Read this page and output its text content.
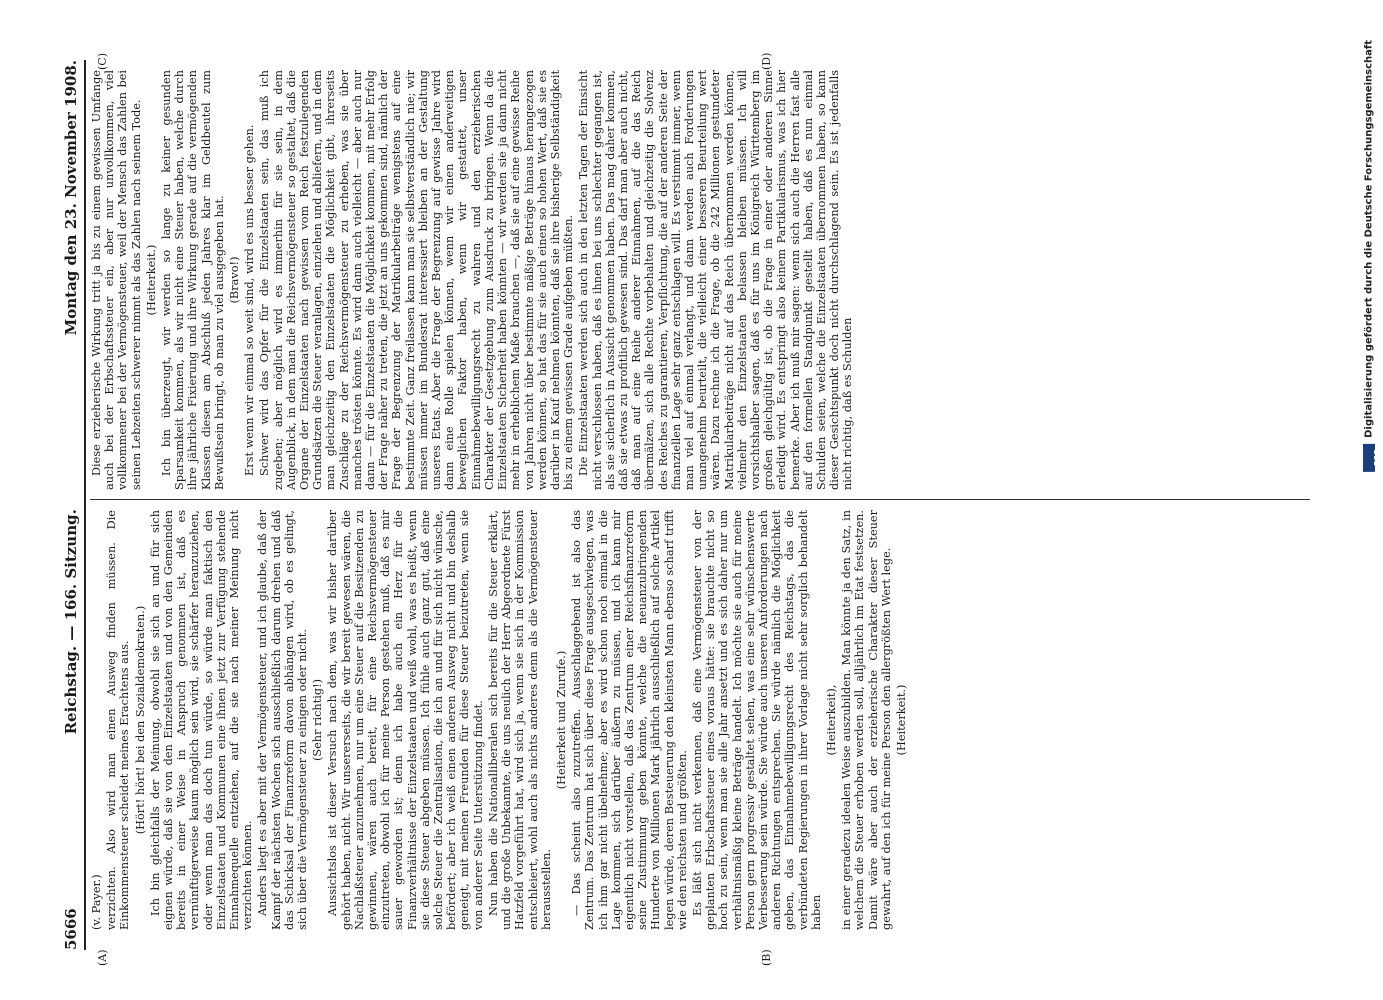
5666
Reichstag. — 166. Sitzung.
Montag den 23. November 1908.
(A)	(B)
(C)	(D)

(v. Payer.) verzichten. Also wird man einen Ausweg finden müssen. Die Einkommensteuer scheidet meines Erachtens aus. (Hört! hört! bei den Sozialdemokraten.) Ich bin gleichfalls der Meinung, obwohl sie sich an und für sich eignen würde, daß sie von den Einzelstaaten und von den Gemeinden bereits in einer Weise in Anspruch genommen ist, daß es vernünftigerweise kaum möglich sein wird, sie schärfer heranzuziehen, oder wenn man das doch tun würde, so würde man faktisch den Einzelstaaten und Kommunen eine ihnen jetzt zur Verfügung stehende Einnahmequelle entziehen, auf die sie nach meiner Meinung nicht verzichten können. Anders liegt es aber mit der Vermögensteuer, und ich glaube, daß der Kampf der nächsten Wochen sich ausschließlich darum drehen und daß das Schicksal der Finanzreform davon abhängen wird, ob es gelingt, sich über die Vermögensteuer zu einigen oder nicht. (Sehr richtig!) Aussichtslos ist dieser Versuch nach dem, was wir bisher darüber gehört haben, nicht. Wir unsererseits, die wir bereit gewesen wären, die Nachlaßsteuer anzunehmen, nur um eine Steuer auf die Besitzenden zu gewinnen, wären auch bereit, für eine Reichsvermögensteuer einzutreten, obwohl ich für meine Person gestehen muß, daß es mir sauer geworden ist; denn ich habe auch ein Herz für die Finanzverhältnisse der Einzelstaaten und weiß wohl, was es heißt, wenn sie diese Steuer abgeben müssen. Ich fühle auch ganz gut, daß eine solche Steuer die Zentralisation, die ich an und für sich nicht wünsche, befördert; aber ich weiß einen anderen Ausweg nicht und bin deshalb geneigt, mit meinen Freunden für diese Steuer beizutreten, wenn sie von anderer Seite Unterstützung findet. Nun haben die Nationalliberalen sich bereits für die Steuer erklärt, und die große Unbekannte, die uns neulich der Herr Abgeordnete Fürst Hatzfeld vorgeführt hat, wird sich ja, wenn sie sich in der Kommission entschleiert, wohl auch als nichts anderes denn als die Vermögensteuer herausstellen.

(Heiterkeit und Zurufe.) — Das scheint also zuzutreffen. Ausschlaggebend ist also das Zentrum. Das Zentrum hat sich über diese Frage ausgeschwiegen, was ich ihm gar nicht übelnehme; aber es wird schon noch einmal in die Lage kommen, sich darüber äußern zu müssen, und ich kann mir eigentlich nicht vorstellen, daß das Zentrum einer Reichsfinanzreform seine Zustimmung geben könnte, welche die neuanzubringenden Hunderte von Millionen Mark jährlich ausschließlich auf solche Artikel legen würde, deren Besteuerung den kleinsten Mann ebenso scharf trifft wie den reichsten und größten. Es läßt sich nicht verkennen, daß eine Vermögensteuer von der geplanten Erbschaftssteuer eines voraus hätte: sie brauchte nicht so hoch zu sein, wenn man sie alle Jahr ansetzt und es sich daher nur um verhältnismäßig kleine Beträge handelt. Ich möchte sie auch für meine Person gern progressiv gestaltet sehen, was eine sehr wünschenswerte Verbesserung sein würde. Sie würde auch unseren Anforderungen nach anderen Richtungen entsprechen. Sie würde nämlich die Möglichkeit geben, das Einnahmebewilligungsrecht des Reichstags, das die verbündeten Regierungen in ihrer Vorlage nicht sehr sorglich behandelt haben

(Heiterkeit), in einer geradezu idealen Weise auszubilden. Man könnte ja den Satz, in welchem die Steuer erhoben werden soll, alljährlich im Etat festsetzen. Damit wäre aber auch der erzieherische Charakter dieser Steuer gewahrt, auf den ich für meine Person den allergrößten Wert lege. (Heiterkeit.)

Diese erzieherische Wirkung tritt ja bis zu einem gewissen Umfange auch bei der Erbschaftssteuer ein, aber nur unvollkommen, viel vollkommener bei der Vermögensteuer, weil der Mensch das Zahlen bei seinen Lebzeiten schwerer nimmt als das Zahlen nach seinem Tode. (Heiterkeit.) Ich bin überzeugt, wir werden so lange zu keiner gesunden Sparsamkeit kommen, als wir nicht eine Steuer haben, welche durch ihre jährliche Fixierung und ihre Wirkung gerade auf die vermögenden Klassen diesen am Abschluß jeden Jahres klar im Geldbeutel zum Bewußtsein bringt, ob man zu viel ausgegeben hat. (Bravo!) Erst wenn wir einmal so weit sind, wird es uns besser gehen. Schwer wird das Opfer für die Einzelstaaten sein, das muß ich zugeben; aber möglich wird es immerhin für sie sein, in dem Augenblick, in dem man die Reichsvermögensteuer so gestaltet, daß die Organe der Einzelstaaten nach gewissen vom Reich festzulegenden Grundsätzen die Steuer veranlagen, einziehen und abliefern, und in dem man gleichzeitig den Einzelstaaten die Möglichkeit gibt, ihrerseits Zuschläge zu der Reichsvermögensteuer zu erheben, was sie über manches trösten könnte. Es wird dann auch vielleicht — aber auch nur dann — für die Einzelstaaten die Möglichkeit kommen, mit mehr Erfolg der Frage näher zu treten, die jetzt an uns gekommen sind, nämlich der Frage der Begrenzung der Matrikularbeiträge wenigstens auf eine bestimmte Zeit. Ganz freilassen kann man sie selbstverständlich nie; wir müssen immer im Bundesrat interessiert bleiben an der Gestaltung unseres Etats. Aber die Frage der Begrenzung auf gewisse Jahre wird dann eine Rolle spielen können, wenn wir einen anderweitigen beweglichen Faktor haben, wenn wir gestattet, unser Einnahmebewilligungsrecht zu wahren und den erzieherischen Charakter der Gesetzgebung zum Ausdruck zu bringen. Wenn da die Einzelstaaten Sicherheit haben könnten — wir werden sie ja dann nicht mehr in erheblichem Maße brauchen —, daß sie auf eine gewisse Reihe von Jahren nicht über bestimmte mäßige Beträge hinaus herangezogen werden können, so hat das für sie auch einen so hohen Wert, daß sie es darüber in Kauf nehmen könnten, daß sie ihre bisherige Selbständigkeit bis zu einem gewissen Grade aufgeben müßten. Die Einzelstaaten werden sich auch in den letzten Tagen der Einsicht nicht verschlossen haben, daß es ihnen bei uns schlechter gegangen ist, als sie sicherlich in Aussicht genommen haben. Das mag daher kommen, daß sie etwas zu profitlich gewesen sind. Das darf man aber auch nicht, daß man auf eine Reihe anderer Einnahmen, auf die das Reich übermälzen, sich alle Rechte vorbehalten und gleichzeitig die Solvenz des Reiches zu garantieren, Verpflichtung, die auf der anderen Seite der finanziellen Lage sehr ganz entschlagen will. Es verstimmt immer, wenn man viel auf einmal verlangt, und dann werden auch Forderungen unangenehm beurteilt, die vielleicht einer besseren Beurteilung wert wären. Dazu rechne ich die Frage, ob die 242 Millionen gestundeter Matrikularbeiträge nicht auf das Reich übernommen werden können, vielmehr den Einzelstaaten belassen bleiben müssen. Ich will vorsichtshalber sagen, daß es für uns im Königreich Württemberg im großen gleichgültig ist, ob die Frage in einer oder anderen Sinne erledigt wird. Es entspringt also keinem Partikularismus, was ich hier bemerke. Aber ich muß mir sagen: wenn sich auch die Herren fast alle auf den formellen Standpunkt gestellt haben, daß es nun einmal Schulden seien, welche die Einzelstaaten übernommen haben, so kann dieser Gesichtspunkt doch nicht durchschlagend sein. Es ist jedenfalls nicht richtig, daß es Schulden	DFG
Digitalisierung gefördert durch die Deutsche Forschungsgemeinschaft
